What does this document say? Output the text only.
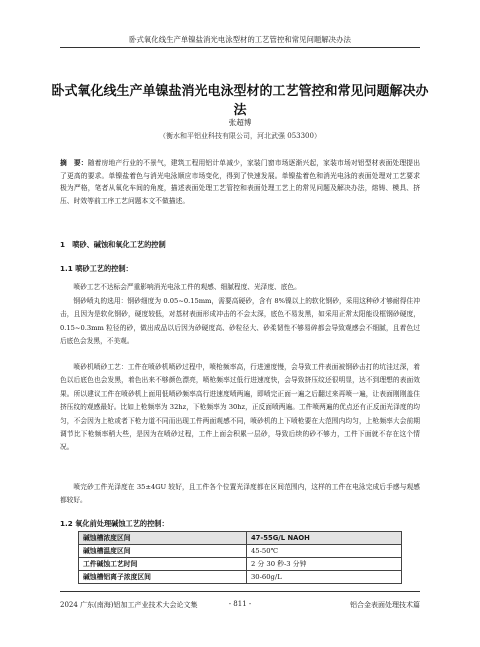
卧式氧化线生产单镍盐消光电泳型材的工艺管控和常见问题解决办法
卧式氧化线生产单镍盐消光电泳型材的工艺管控和常见问题解决办法
张超博
（衡水和平铝业科技有限公司，河北武强 053300）
摘　要：随着房地产行业的不景气，建筑工程用铝计单减少，家装门窗市场逐渐兴起，家装市场对铝型材表面处理提出了更高的要求。单镍盐着色与消光电泳顺应市场变化，得到了快速发展。单镍盐着色和消光电泳的表面处理对工艺要求极为严格，笔者从氧化车间的角度，描述表面处理工艺管控和表面处理工艺上的常见问题及解决办法，熔铸、模具、挤压、时效等前工序工艺问题本文不做描述。
1　喷砂、碱蚀和氧化工艺的控制
1.1 喷砂工艺的控制：

喷砂工艺不达标会严重影响消光电泳工件的观感、细腻程度、光泽度、底色。

钢砂喷丸的选用：钢砂细度为 0.05~0.15mm，需要高硬砂，含有 8%镍以上的软化钢砂，采用这种砂才够耐得住冲击，且因为是软化钢砂，硬度较低，对基材表面形成冲击的不会太深，底色不易发黑，如采用正常太阳能设框钢砂硬度，0.15~0.3mm 粒径的砂，做出成品以后因为砂硬度高、砂粒径大、砂柔韧性不够易碎都会导致观感会不细腻，且着色过后底色会发黑，不美观。

喷砂机喷砂工艺：工件在喷砂机喷砂过程中，喷枪频率高，行进速度慢，会导致工件表面被钢砂击打的坑洼过深，着色以后底色也会发黑，着色出来不够颜色漂亮，喷枪频率过低行进速度快，会导致挤压纹还很明显，达不到理想的表面效果。所以建议工件在喷砂机上面用低喷砂频率高行进速度喷两遍，即喷完正面一遍之后翻过来再喷一遍，让表面刚刚盖住挤压纹的观感最好。比如上枪频率为 32hz，下枪频率为 30hz，正反面喷两遍。工件喷两遍的优点还有正反面光泽度的均匀，不会因为上枪或者下枪力道不同而出现工件两面观感不同，喷砂机的上下喷枪要在大范围内均匀，上枪频率大会前期调节比下枪频率稍大些，是因为在喷砂过程，工件上面会积累一层砂，导致后续的砂不够力，工件下面就不存在这个情况。

喷完砂工件光泽度在 35±4GU 较好，且工件各个位置光泽度都在区间范围内，这样的工件在电泳完成后手感与观感都较好。

1.2 氧化前处理碱蚀工艺的控制：
碱蚀槽浓度区间	47-55G/L NAOH
碱蚀槽温度区间	45-50℃
工件碱蚀工艺时间	2 分 30 秒-3 分钟
碱蚀槽铝离子浓度区间	30-60g/L
2024 广东(南海)铝加工产业技术大会论文集	- 811 -	铝合金表面处理技术篇
